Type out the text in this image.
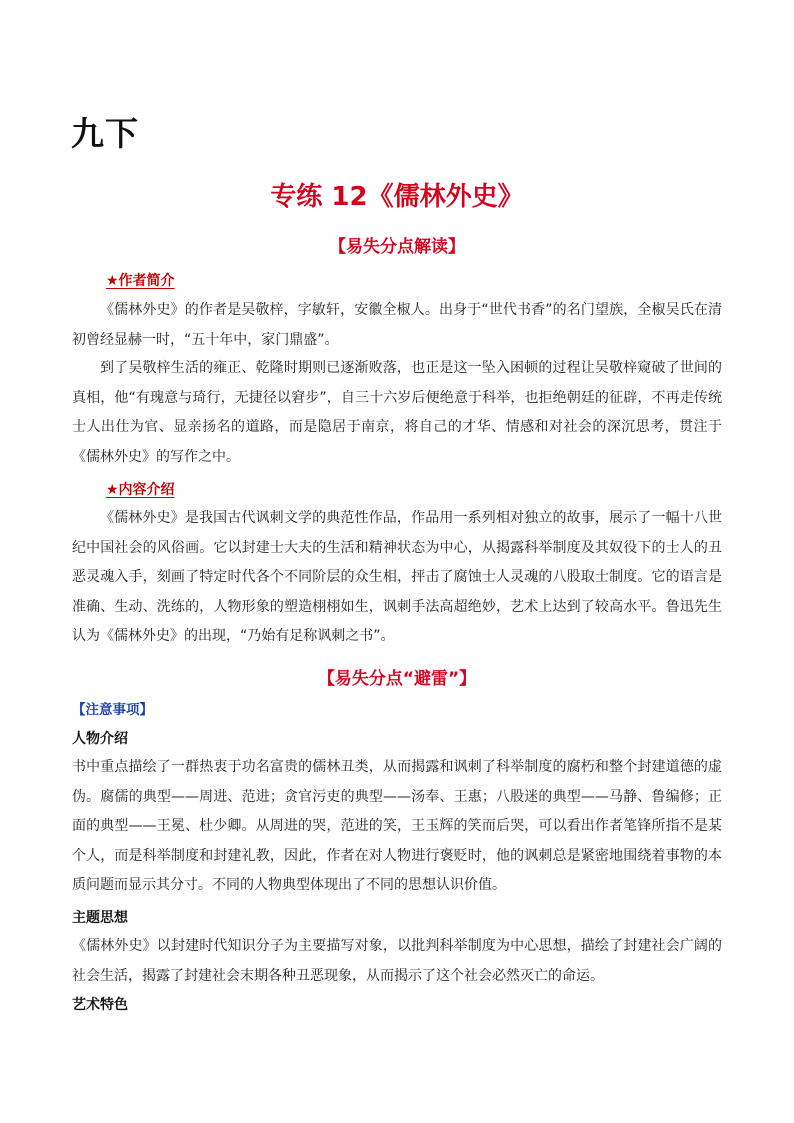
九下
专练 12《儒林外史》
【易失分点解读】
★作者简介

《儒林外史》的作者是吴敬梓，字敏轩，安徽全椒人。出身于“世代书香”的名门望族，全椒吴氏在清初曾经显赫一时，“五十年中，家门鼎盛”。

到了吴敬梓生活的雍正、乾隆时期则已逐渐败落，也正是这一坠入困顿的过程让吴敬梓窥破了世间的真相，他“有瑰意与琦行，无捷径以窘步”，自三十六岁后便绝意于科举，也拒绝朝廷的征辟，不再走传统士人出仕为官、显亲扬名的道路，而是隐居于南京，将自己的才华、情感和对社会的深沉思考，贯注于《儒林外史》的写作之中。

★内容介绍

《儒林外史》是我国古代讽刺文学的典范性作品，作品用一系列相对独立的故事，展示了一幅十八世纪中国社会的风俗画。它以封建士大夫的生活和精神状态为中心，从揭露科举制度及其奴役下的士人的丑恶灵魂入手，刻画了特定时代各个不同阶层的众生相，抨击了腐蚀士人灵魂的八股取士制度。它的语言是准确、生动、洗练的，人物形象的塑造栩栩如生，讽刺手法高超绝妙，艺术上达到了较高水平。鲁迅先生认为《儒林外史》的出现，“乃始有足称讽刺之书”。

【易失分点“避雷”】
【注意事项】
人物介绍

书中重点描绘了一群热衷于功名富贵的儒林丑类，从而揭露和讽刺了科举制度的腐朽和整个封建道德的虚伪。腐儒的典型——周进、范进；贪官污吏的典型——汤奉、王惠；八股迷的典型——马静、鲁编修；正面的典型——王冕、杜少卿。从周进的哭，范进的笑，王玉辉的笑而后哭，可以看出作者笔锋所指不是某个人，而是科举制度和封建礼教，因此，作者在对人物进行褒贬时，他的讽刺总是紧密地围绕着事物的本质问题而显示其分寸。不同的人物典型体现出了不同的思想认识价值。

主题思想

《儒林外史》以封建时代知识分子为主要描写对象，以批判科举制度为中心思想，描绘了封建社会广阔的社会生活，揭露了封建社会末期各种丑恶现象，从而揭示了这个社会必然灭亡的命运。

艺术特色
